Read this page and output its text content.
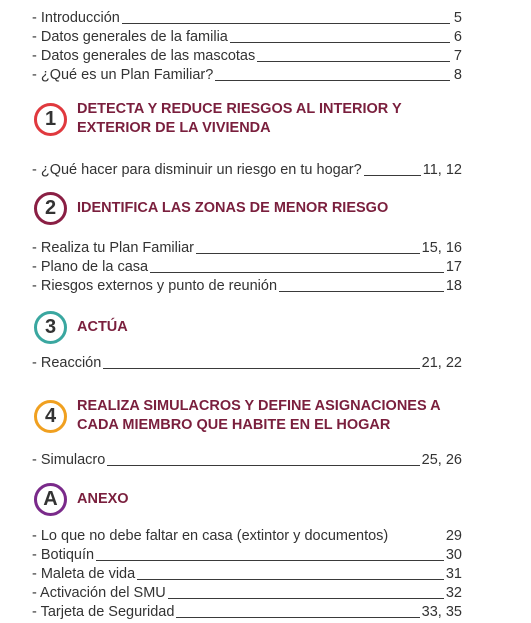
- Introducción	5
- Datos generales de la familia	6
- Datos generales de las mascotas	7
- ¿Qué es un Plan Familiar?	8
1	DETECTA Y REDUCE RIESGOS AL INTERIOR Y
EXTERIOR DE LA VIVIENDA
- ¿Qué hacer para disminuir un riesgo en tu hogar?	11, 12
2	IDENTIFICA LAS ZONAS DE MENOR RIESGO
- Realiza tu Plan Familiar	15, 16
- Plano de la casa	17
- Riesgos externos y punto de reunión	18
3	ACTÚA
- Reacción	21, 22
4	REALIZA SIMULACROS Y DEFINE ASIGNACIONES A
CADA MIEMBRO QUE HABITE EN EL HOGAR
- Simulacro	25, 26
A	ANEXO
- Lo que no debe faltar en casa (extintor y documentos)	29
- Botiquín	30
- Maleta de vida	31
- Activación del SMU	32
- Tarjeta de Seguridad	33, 35
